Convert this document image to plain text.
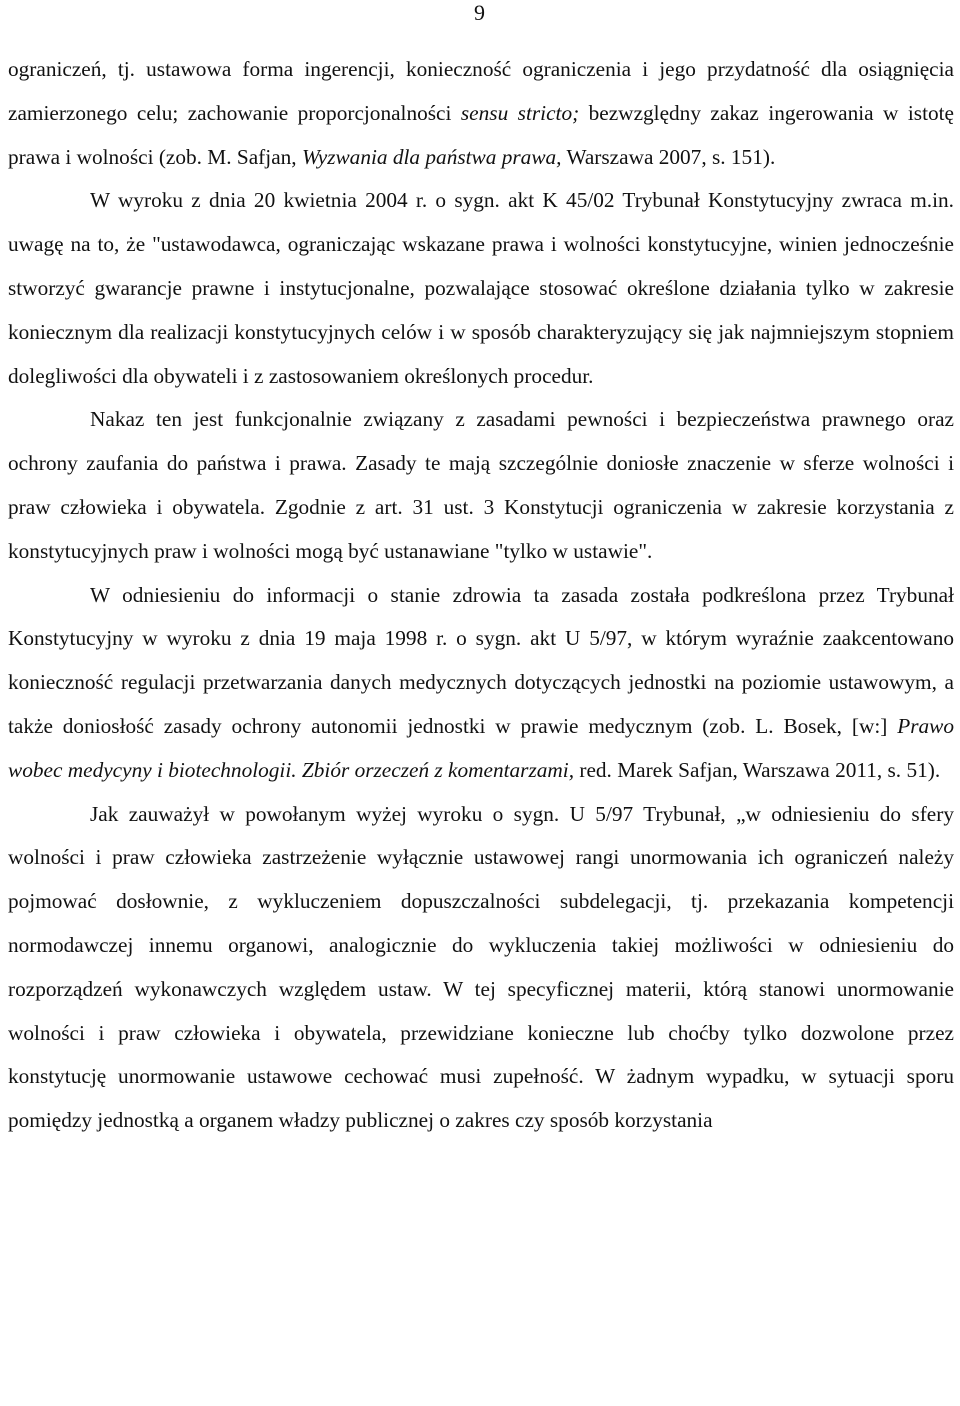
9

ograniczeń, tj. ustawowa forma ingerencji, konieczność ograniczenia i jego przydatność dla osiągnięcia zamierzonego celu; zachowanie proporcjonalności sensu stricto; bezwzględny zakaz ingerowania w istotę prawa i wolności (zob. M. Safjan, Wyzwania dla państwa prawa, Warszawa 2007, s. 151).

W wyroku z dnia 20 kwietnia 2004 r. o sygn. akt K 45/02 Trybunał Konstytucyjny zwraca m.in. uwagę na to, że "ustawodawca, ograniczając wskazane prawa i wolności konstytucyjne, winien jednocześnie stworzyć gwarancje prawne i instytucjonalne, pozwalające stosować określone działania tylko w zakresie koniecznym dla realizacji konstytucyjnych celów i w sposób charakteryzujący się jak najmniejszym stopniem dolegliwości dla obywateli i z zastosowaniem określonych procedur.

Nakaz ten jest funkcjonalnie związany z zasadami pewności i bezpieczeństwa prawnego oraz ochrony zaufania do państwa i prawa. Zasady te mają szczególnie doniosłe znaczenie w sferze wolności i praw człowieka i obywatela. Zgodnie z art. 31 ust. 3 Konstytucji ograniczenia w zakresie korzystania z konstytucyjnych praw i wolności mogą być ustanawiane "tylko w ustawie".

W odniesieniu do informacji o stanie zdrowia ta zasada została podkreślona przez Trybunał Konstytucyjny w wyroku z dnia 19 maja 1998 r. o sygn. akt U 5/97, w którym wyraźnie zaakcentowano konieczność regulacji przetwarzania danych medycznych dotyczących jednostki na poziomie ustawowym, a także doniosłość zasady ochrony autonomii jednostki w prawie medycznym (zob. L. Bosek, [w:] Prawo wobec medycyny i biotechnologii. Zbiór orzeczeń z komentarzami, red. Marek Safjan, Warszawa 2011, s. 51).

Jak zauważył w powołanym wyżej wyroku o sygn. U 5/97 Trybunał, „w odniesieniu do sfery wolności i praw człowieka zastrzeżenie wyłącznie ustawowej rangi unormowania ich ograniczeń należy pojmować dosłownie, z wykluczeniem dopuszczalności subdelegacji, tj. przekazania kompetencji normodawczej innemu organowi, analogicznie do wykluczenia takiej możliwości w odniesieniu do rozporządzeń wykonawczych względem ustaw. W tej specyficznej materii, którą stanowi unormowanie wolności i praw człowieka i obywatela, przewidziane konieczne lub choćby tylko dozwolone przez konstytucję unormowanie ustawowe cechować musi zupełność. W żadnym wypadku, w sytuacji sporu pomiędzy jednostką a organem władzy publicznej o zakres czy sposób korzystania
